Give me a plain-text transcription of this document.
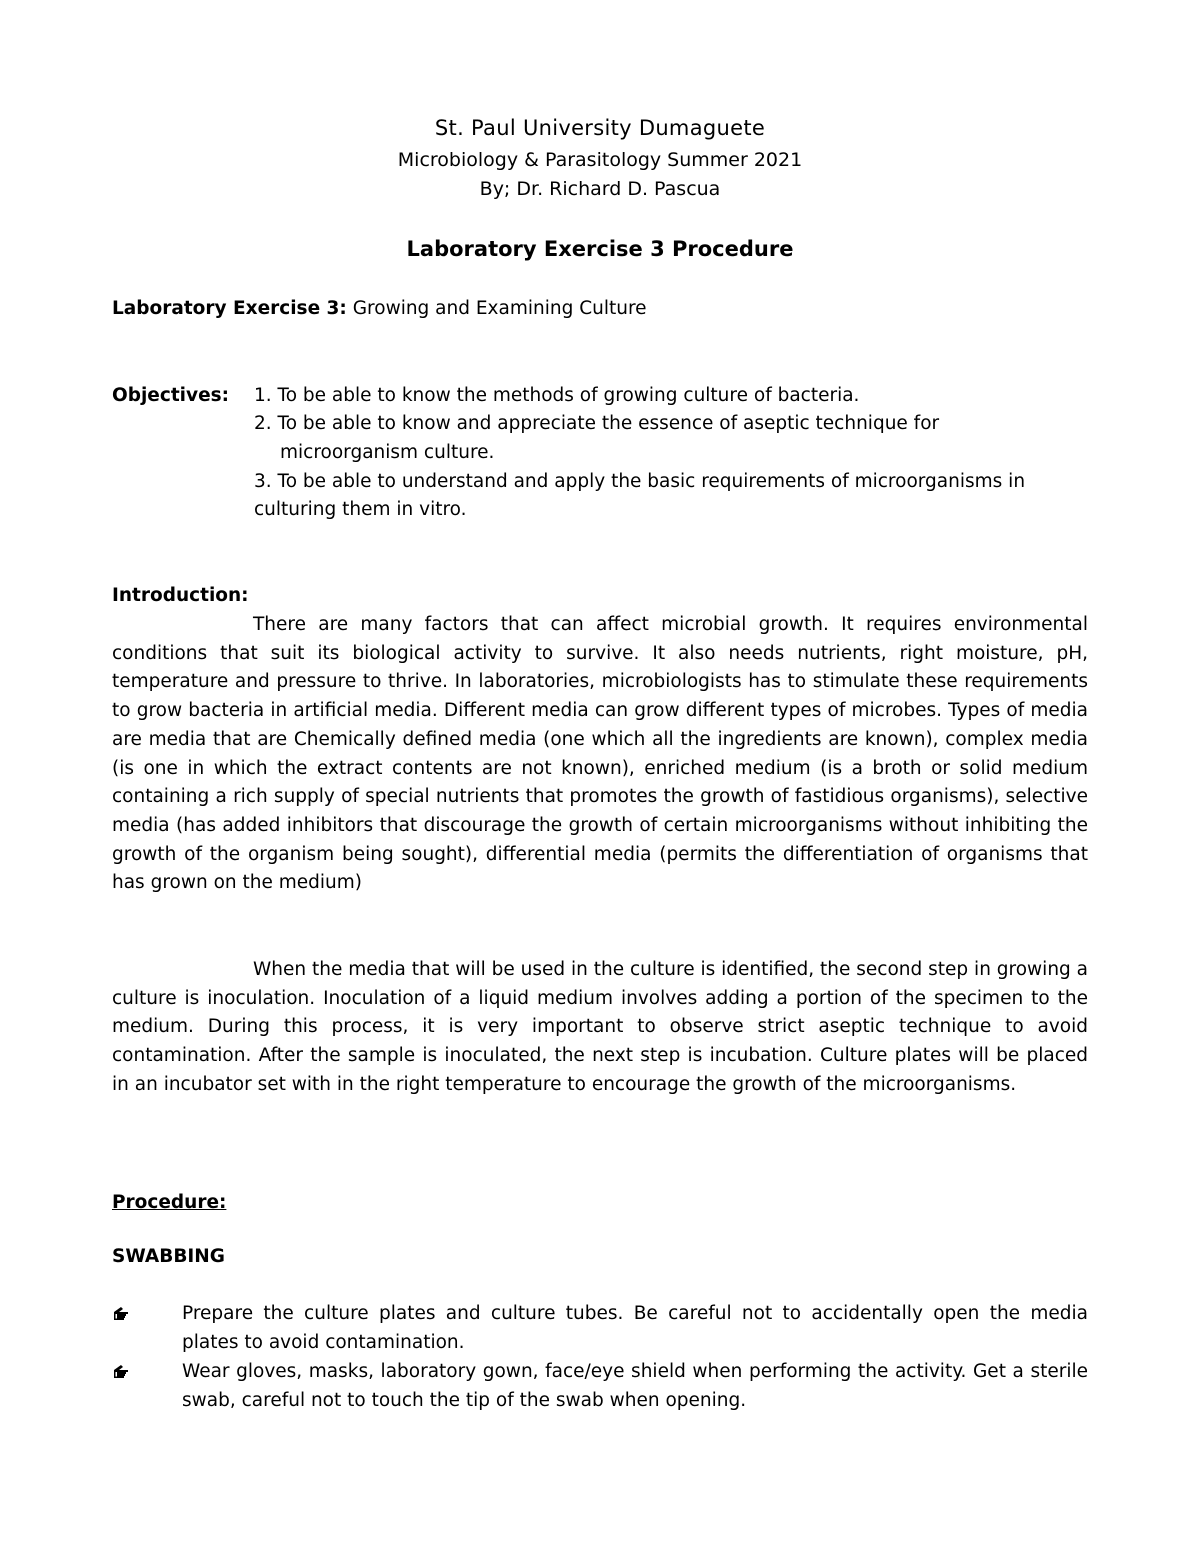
St. Paul University Dumaguete
Microbiology & Parasitology Summer 2021
By; Dr. Richard D. Pascua
Laboratory Exercise 3 Procedure
Laboratory Exercise 3: Growing and Examining Culture
Objectives: 1. To be able to know the methods of growing culture of bacteria.
2. To be able to know and appreciate the essence of aseptic technique for
microorganism culture.
3. To be able to understand and apply the basic requirements of microorganisms in
culturing them in vitro.
Introduction:

There are many factors that can affect microbial growth. It requires environmental conditions that suit its biological activity to survive. It also needs nutrients, right moisture, pH, temperature and pressure to thrive. In laboratories, microbiologists has to stimulate these requirements to grow bacteria in artificial media. Different media can grow different types of microbes. Types of media are media that are Chemically defined media (one which all the ingredients are known), complex media (is one in which the extract contents are not known), enriched medium (is a broth or solid medium containing a rich supply of special nutrients that promotes the growth of fastidious organisms), selective media (has added inhibitors that discourage the growth of certain microorganisms without inhibiting the growth of the organism being sought), differential media (permits the differentiation of organisms that has grown on the medium)

When the media that will be used in the culture is identified, the second step in growing a culture is inoculation. Inoculation of a liquid medium involves adding a portion of the specimen to the medium. During this process, it is very important to observe strict aseptic technique to avoid contamination. After the sample is inoculated, the next step is incubation. Culture plates will be placed in an incubator set with in the right temperature to encourage the growth of the microorganisms.

Procedure:
SWABBING
Prepare the culture plates and culture tubes. Be careful not to accidentally open the media plates to avoid contamination.
Wear gloves, masks, laboratory gown, face/eye shield when performing the activity. Get a sterile swab, careful not to touch the tip of the swab when opening.
